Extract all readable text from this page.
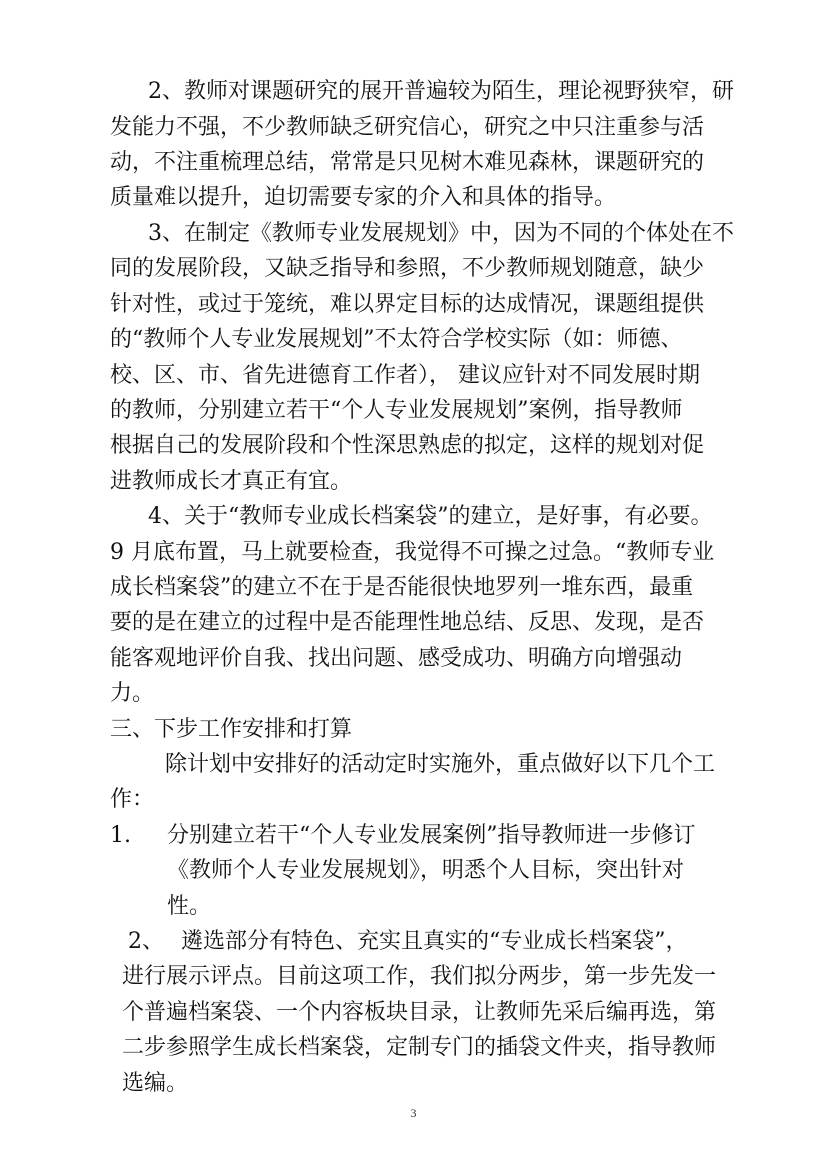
2、教师对课题研究的展开普遍较为陌生，理论视野狭窄，研
发能力不强，不少教师缺乏研究信心，研究之中只注重参与活
动，不注重梳理总结，常常是只见树木难见森林，课题研究的
质量难以提升，迫切需要专家的介入和具体的指导。
3、在制定《教师专业发展规划》中，因为不同的个体处在不
同的发展阶段，又缺乏指导和参照，不少教师规划随意，缺少
针对性，或过于笼统，难以界定目标的达成情况，课题组提供
的“教师个人专业发展规划”不太符合学校实际（如：师德、
校、区、市、省先进德育工作者）， 建议应针对不同发展时期
的教师，分别建立若干“个人专业发展规划”案例，指导教师
根据自己的发展阶段和个性深思熟虑的拟定，这样的规划对促
进教师成长才真正有宜。
4、关于“教师专业成长档案袋”的建立，是好事，有必要。
9 月底布置，马上就要检查，我觉得不可操之过急。“教师专业
成长档案袋”的建立不在于是否能很快地罗列一堆东西，最重
要的是在建立的过程中是否能理性地总结、反思、发现，是否
能客观地评价自我、找出问题、感受成功、明确方向增强动
力。
三、下步工作安排和打算
除计划中安排好的活动定时实施外，重点做好以下几个工
作：
1.	分别建立若干“个人专业发展案例”指导教师进一步修订
《教师个人专业发展规划》，明悉个人目标，突出针对
性。
2、 遴选部分有特色、充实且真实的“专业成长档案袋”，
进行展示评点。目前这项工作，我们拟分两步，第一步先发一
个普遍档案袋、一个内容板块目录，让教师先采后编再选，第
二步参照学生成长档案袋，定制专门的插袋文件夹，指导教师
选编。
3
